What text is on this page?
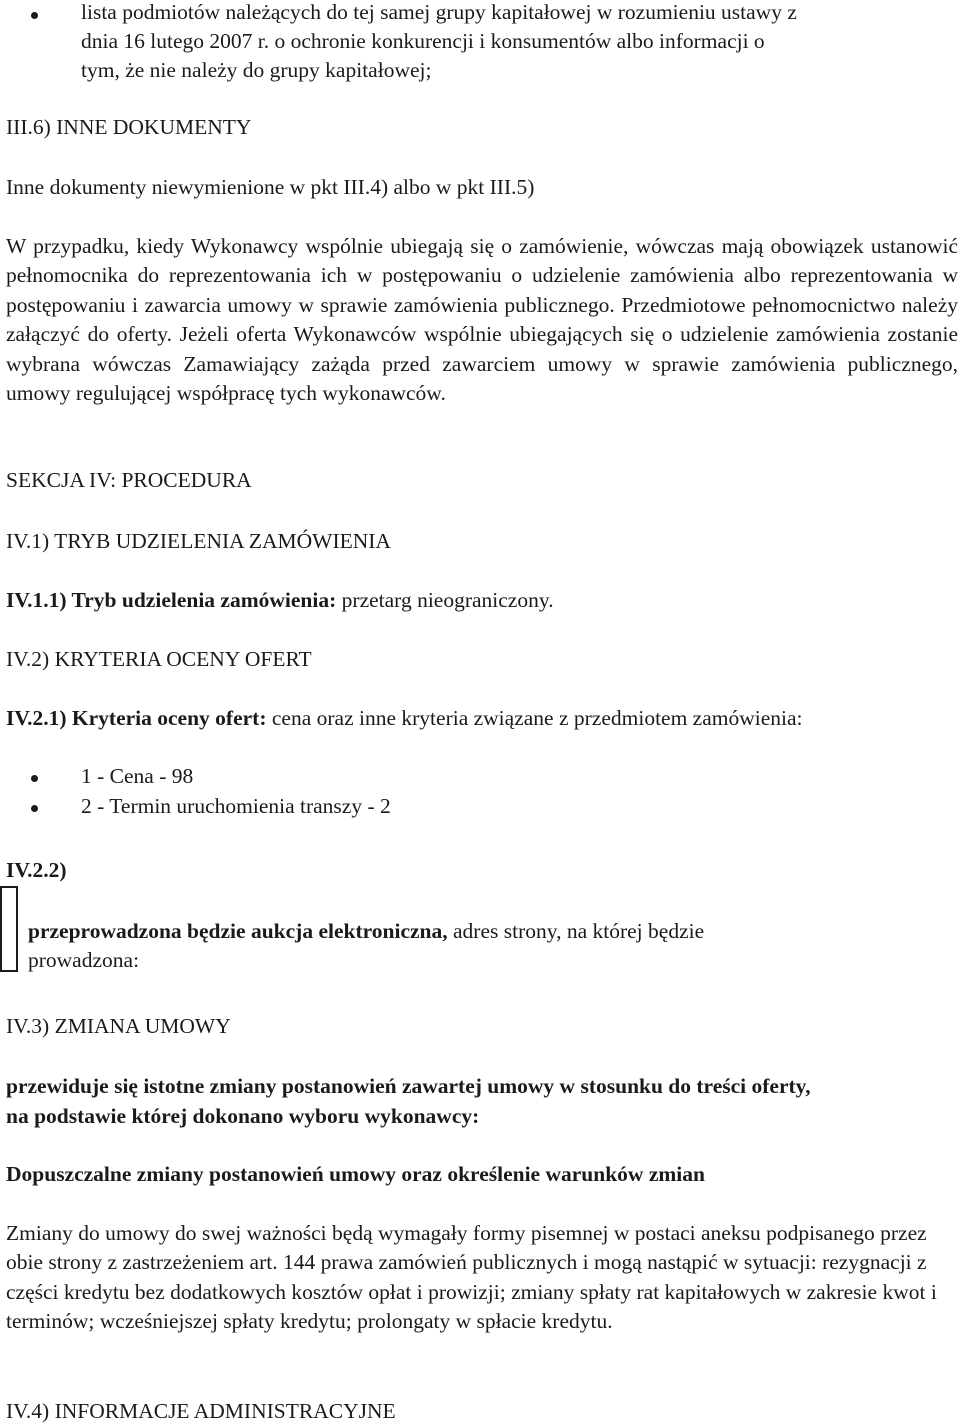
lista podmiotów należących do tej samej grupy kapitałowej w rozumieniu ustawy z
dnia 16 lutego 2007 r. o ochronie konkurencji i konsumentów albo informacji o
tym, że nie należy do grupy kapitałowej;
III.6) INNE DOKUMENTY
Inne dokumenty niewymienione w pkt III.4) albo w pkt III.5)
W przypadku, kiedy Wykonawcy wspólnie ubiegają się o zamówienie, wówczas mają obowiązek ustanowić pełnomocnika do reprezentowania ich w postępowaniu o udzielenie zamówienia albo reprezentowania w postępowaniu i zawarcia umowy w sprawie zamówienia publicznego. Przedmiotowe pełnomocnictwo należy załączyć do oferty. Jeżeli oferta Wykonawców wspólnie ubiegających się o udzielenie zamówienia zostanie wybrana wówczas Zamawiający zażąda przed zawarciem umowy w sprawie zamówienia publicznego, umowy regulującej współpracę tych wykonawców.
SEKCJA IV: PROCEDURA
IV.1) TRYB UDZIELENIA ZAMÓWIENIA
IV.1.1) Tryb udzielenia zamówienia: przetarg nieograniczony.
IV.2) KRYTERIA OCENY OFERT
IV.2.1) Kryteria oceny ofert: cena oraz inne kryteria związane z przedmiotem zamówienia:
1 - Cena - 98
2 - Termin uruchomienia transzy - 2
IV.2.2)
przeprowadzona będzie aukcja elektroniczna, adres strony, na której będzie
prowadzona:
IV.3) ZMIANA UMOWY
przewiduje się istotne zmiany postanowień zawartej umowy w stosunku do treści oferty,
na podstawie której dokonano wyboru wykonawcy:
Dopuszczalne zmiany postanowień umowy oraz określenie warunków zmian
Zmiany do umowy do swej ważności będą wymagały formy pisemnej w postaci aneksu podpisanego przez obie strony z zastrzeżeniem art. 144 prawa zamówień publicznych i mogą nastąpić w sytuacji: rezygnacji z części kredytu bez dodatkowych kosztów opłat i prowizji; zmiany spłaty rat kapitałowych w zakresie kwot i terminów; wcześniejszej spłaty kredytu; prolongaty w spłacie kredytu.
IV.4) INFORMACJE ADMINISTRACYJNE
